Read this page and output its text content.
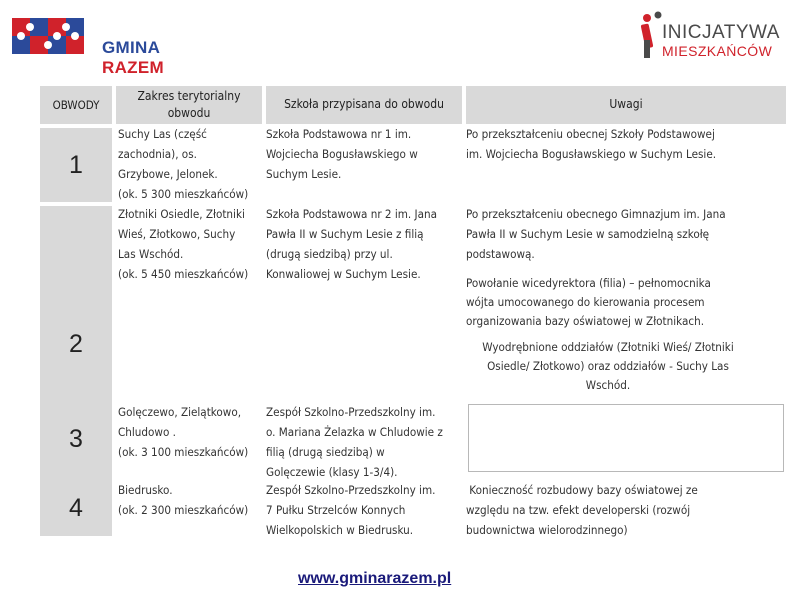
GMINA RAZEM
INICJATYWA
MIESZKAŃCÓW
OBWODY
Zakres terytorialny obwodu
Szkoła przypisana do obwodu	Uwagi
1
Suchy Las (część
zachodnia), os.
Grzybowe, Jelonek.
(ok. 5 300 mieszkańców)
Szkoła Podstawowa nr 1 im.
Wojciecha Bogusławskiego w
Suchym Lesie.
Po przekształceniu obecnej Szkoły Podstawowej
im. Wojciecha Bogusławskiego w Suchym Lesie.
2
Złotniki Osiedle, Złotniki
Wieś, Złotkowo, Suchy
Las Wschód.
(ok. 5 450 mieszkańców)
Szkoła Podstawowa nr 2 im. Jana
Pawła II w Suchym Lesie z filią
(drugą siedzibą) przy ul.
Konwaliowej w Suchym Lesie.
Po przekształceniu obecnego Gimnazjum im. Jana
Pawła II w Suchym Lesie w samodzielną szkołę
podstawową.
Powołanie wicedyrektora (filia) – pełnomocnika
wójta umocowanego do kierowania procesem
organizowania bazy oświatowej w Złotnikach.
Wyodrębnione oddziałów (Złotniki Wieś/ Złotniki
Osiedle/ Złotkowo) oraz oddziałów - Suchy Las
Wschód.
3
Golęczewo, Zielątkowo,
Chludowo .
(ok. 3 100 mieszkańców)
Zespół Szkolno-Przedszkolny im.
o. Mariana Żelazka w Chludowie z
filią (drugą siedzibą) w
Golęczewie (klasy 1-3/4).
4
Biedrusko.
(ok. 2 300 mieszkańców)
Zespół Szkolno-Przedszkolny im.
7 Pułku Strzelców Konnych
Wielkopolskich w Biedrusku.
Konieczność rozbudowy bazy oświatowej ze
względu na tzw. efekt developerski (rozwój
budownictwa wielorodzinnego)
www.gminarazem.pl
